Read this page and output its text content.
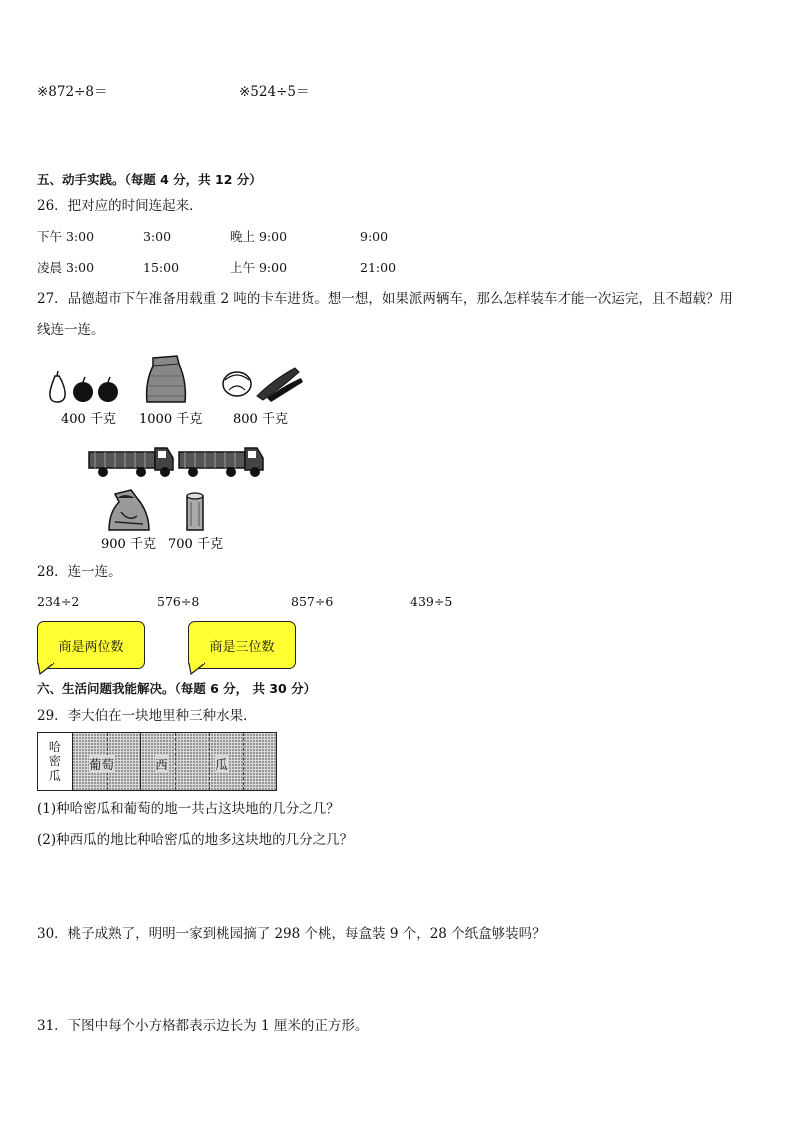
※872÷8＝	※524÷5＝
五、动手实践。（每题 4 分，共 12 分）
26．把对应的时间连起来．
下午 3:00	3:00	晚上 9:00	9:00
凌晨 3:00	15:00	上午 9:00	21:00
27．品德超市下午准备用载重 2 吨的卡车进货。想一想，如果派两辆车，那么怎样装车才能一次运完，且不超载？用
线连一连。
400 千克 1000 千克 800 千克
900 千克 700 千克
28．连一连。
234÷2	576÷8	857÷6	439÷5
商是两位数	商是三位数
六、生活问题我能解决。（每题 6 分， 共 30 分）
29．李大伯在一块地里种三种水果．
哈密瓜	
葡萄	西	瓜
(1)种哈密瓜和葡萄的地一共占这块地的几分之几？
(2)种西瓜的地比种哈密瓜的地多这块地的几分之几？
30．桃子成熟了，明明一家到桃园摘了 298 个桃，每盒装 9 个，28 个纸盒够装吗？
31．下图中每个小方格都表示边长为 1 厘米的正方形。
